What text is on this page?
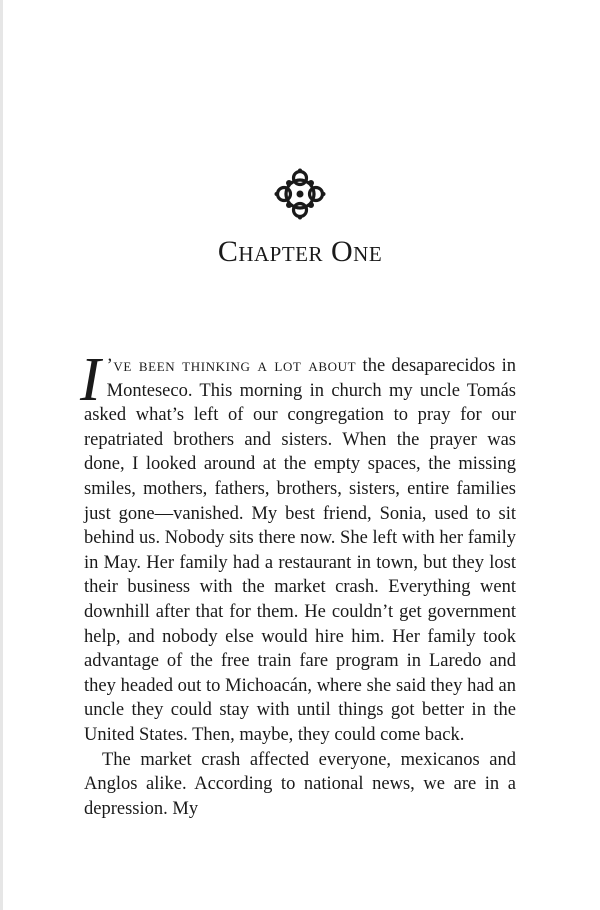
Chapter One

I ’ve been thinking a lot about the desaparecidos in Monteseco. This morning in church my uncle Tomás asked what’s left of our congregation to pray for our repatriated brothers and sisters. When the prayer was done, I looked around at the empty spaces, the missing smiles, mothers, fathers, brothers, sisters, entire families just gone—vanished. My best friend, Sonia, used to sit behind us. Nobody sits there now. She left with her family in May. Her family had a restaurant in town, but they lost their business with the market crash. Everything went downhill after that for them. He couldn’t get government help, and nobody else would hire him. Her family took advantage of the free train fare program in Laredo and they headed out to Michoacán, where she said they had an uncle they could stay with until things got better in the United States. Then, maybe, they could come back.

The market crash affected everyone, mexicanos and Anglos alike. According to national news, we are in a depression. My
